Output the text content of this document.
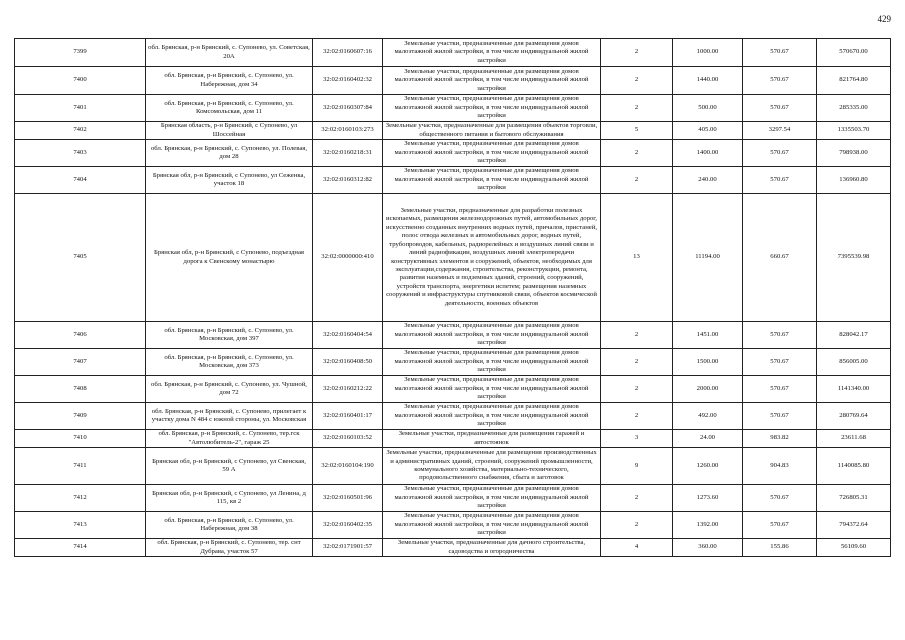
429
7399	обл. Брянская, р-н Брянский, с. Супонево, ул. Советская, 20А	32:02:0160607:16	Земельные участки, предназначенные для размещения домов малоэтажной жилой застройки, в том числе индивидуальной жилой застройки	2	1000.00	570.67	570670.00
7400	обл. Брянская, р-н Брянский, с. Супонево, ул. Набережная, дом 34	32:02:0160402:32	Земельные участки, предназначенные для размещения домов малоэтажной жилой застройки, в том числе индивидуальной жилой застройки	2	1440.00	570.67	821764.80
7401	обл. Брянская, р-н Брянский, с. Супонево, ул. Комсомольская, дом 11	32:02:0160307:84	Земельные участки, предназначенные для размещения домов малоэтажной жилой застройки, в том числе индивидуальной жилой застройки	2	500.00	570.67	285335.00
7402	Брянская область, р-н Брянский, с Супонево, ул Шоссейная	32:02:0160103:273	Земельные участки, предназначенные для размещения объектов торговли, общественного питания и бытового обслуживания	5	405.00	3297.54	1335503.70
7403	обл. Брянская, р-н Брянский, с. Супонево, ул. Полевая, дом 28	32:02:0160218:31	Земельные участки, предназначенные для размещения домов малоэтажной жилой застройки, в том числе индивидуальной жилой застройки	2	1400.00	570.67	798938.00
7404	Брянская обл, р-н Брянский, с Супонево, ул Сеженка, участок 18	32:02:0160312:82	Земельные участки, предназначенные для размещения домов малоэтажной жилой застройки, в том числе индивидуальной жилой застройки	2	240.00	570.67	136960.80
7405	Брянская обл, р-н Брянский, с Супонево, подъездная дорога к Свенскому монастырю	32:02:0000000:410	Земельные участки, предназначенные для разработки полезных ископаемых, размещения железнодорожных путей, автомобильных дорог, искусственно созданных внутренних водных путей, причалов, пристаней, полос отвода железных и автомобильных дорог, водных путей, трубопроводов, кабельных, радиорелейных и воздушных линий связи и линий радиофикации, воздушных линий электропередачи конструктивных элементов и сооружений, объектов, необходимых для эксплуатации,содержания, строительства, реконструкции, ремонта, развития наземных и подземных зданий, строений, сооружений, устройств транспорта, энергетики испетем; размещения наземных сооружений и инфраструктуры спутниковой связи, объектов космической деятельности, военных объектов	13	11194.00	660.67	7395539.98
7406	обл. Брянская, р-н Брянский, с. Супонево, ул. Московская, дом 397	32:02:0160404:54	Земельные участки, предназначенные для размещения домов малоэтажной жилой застройки, в том числе индивидуальной жилой застройки	2	1451.00	570.67	828042.17
7407	обл. Брянская, р-н Брянский, с. Супонево, ул. Московская, дом 373	32:02:0160408:50	Земельные участки, предназначенные для размещения домов малоэтажной жилой застройки, в том числе индивидуальной жилой застройки	2	1500.00	570.67	856005.00
7408	обл. Брянская, р-н Брянский, с. Супонево, ул. Чушной, дом 72	32:02:0160212:22	Земельные участки, предназначенные для размещения домов малоэтажной жилой застройки, в том числе индивидуальной жилой застройки	2	2000.00	570.67	1141340.00
7409	обл. Брянская, р-н Брянский, с. Супонево, прилегает к участку дома N 484 с южной стороны, ул. Московская	32:02:0160401:17	Земельные участки, предназначенные для размещения домов малоэтажной жилой застройки, в том числе индивидуальной жилой застройки	2	492.00	570.67	280769.64
7410	обл. Брянская, р-н Брянский, с. Супонево, тер.гск "Автолюбитель-2", гараж 25	32:02:0160103:52	Земельные участки, предназначенные для размещения гаражей и автостоянок	3	24.00	983.82	23611.68
7411	Брянская обл, р-н Брянский, с Супонево, ул Свенская, 59 А	32:02:0160104:190	Земельные участки, предназначенные для размещения производственных и административных зданий, строений, сооружений промышленности, коммунального хозяйства, материально-технического, продовольственного снабжения, сбыта и заготовок	9	1260.00	904.83	1140085.80
7412	Брянская обл, р-н Брянский, с Супонево, ул Ленина, д 115, кв 2	32:02:0160501:96	Земельные участки, предназначенные для размещения домов малоэтажной жилой застройки, в том числе индивидуальной жилой застройки	2	1273.60	570.67	726805.31
7413	обл. Брянская, р-н Брянский, с. Супонево, ул. Набережная, дом 38	32:02:0160402:35	Земельные участки, предназначенные для размещения домов малоэтажной жилой застройки, в том числе индивидуальной жилой застройки	2	1392.00	570.67	794372.64
7414	обл. Брянская, р-н Брянский, с. Супонево, тер. снт Дубрава, участок 57	32:02:0171901:57	Земельные участки, предназначенные для дачного строительства, садоводства и огородничества	4	360.00	155.86	56109.60
